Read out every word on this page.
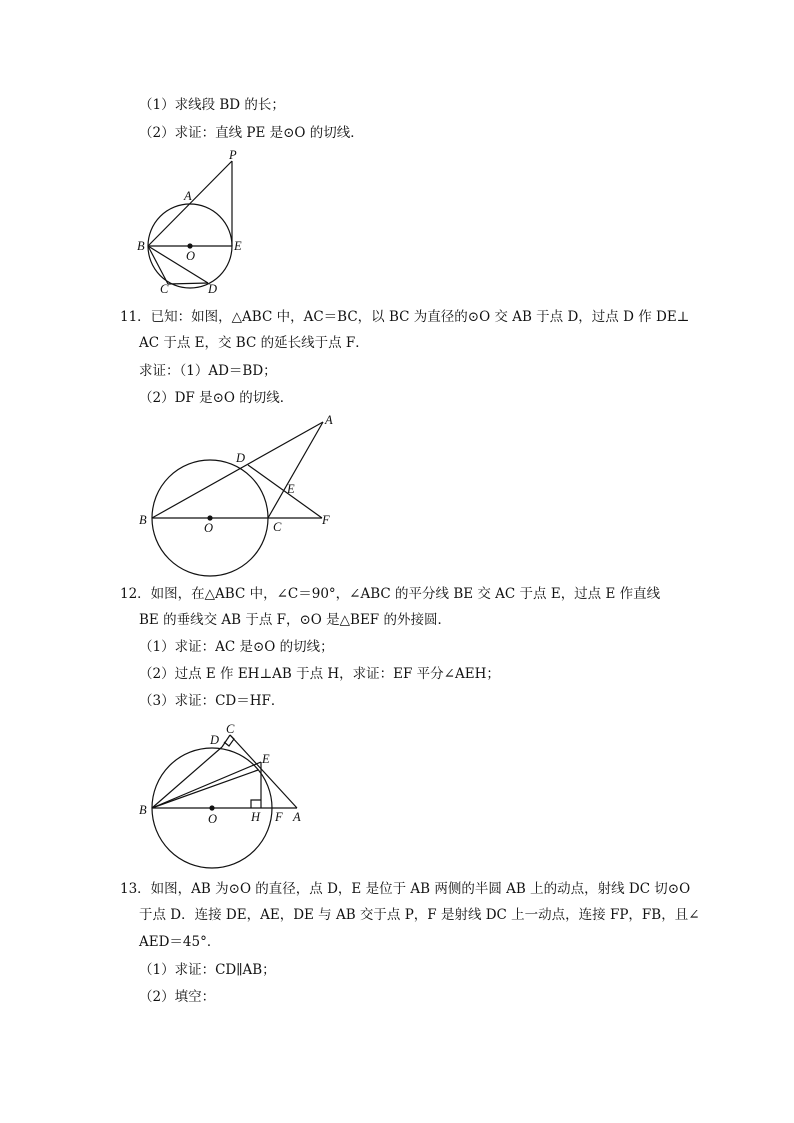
（1）求线段 BD 的长；
（2）求证：直线 PE 是⊙O 的切线．
P
A
B
O
E
C	D
11．已知：如图，△ABC 中，AC＝BC，以 BC 为直径的⊙O 交 AB 于点 D，过点 D 作 DE⊥
AC 于点 E，交 BC 的延长线于点 F．
求证：（1）AD＝BD；
（2）DF 是⊙O 的切线．
A
D
E
B
O	C	F
12．如图，在△ABC 中，∠C＝90°，∠ABC 的平分线 BE 交 AC 于点 E，过点 E 作直线
BE 的垂线交 AB 于点 F，⊙O 是△BEF 的外接圆．
（1）求证：AC 是⊙O 的切线；
（2）过点 E 作 EH⊥AB 于点 H，求证：EF 平分∠AEH；
（3）求证：CD＝HF．
C
D
E
B
O	H F A
13．如图，AB 为⊙O 的直径，点 D，E 是位于 AB 两侧的半圆 AB 上的动点，射线 DC 切⊙O
于点 D．连接 DE，AE，DE 与 AB 交于点 P，F 是射线 DC 上一动点，连接 FP，FB，且∠
AED＝45°．
（1）求证：CD∥AB；
（2）填空：
